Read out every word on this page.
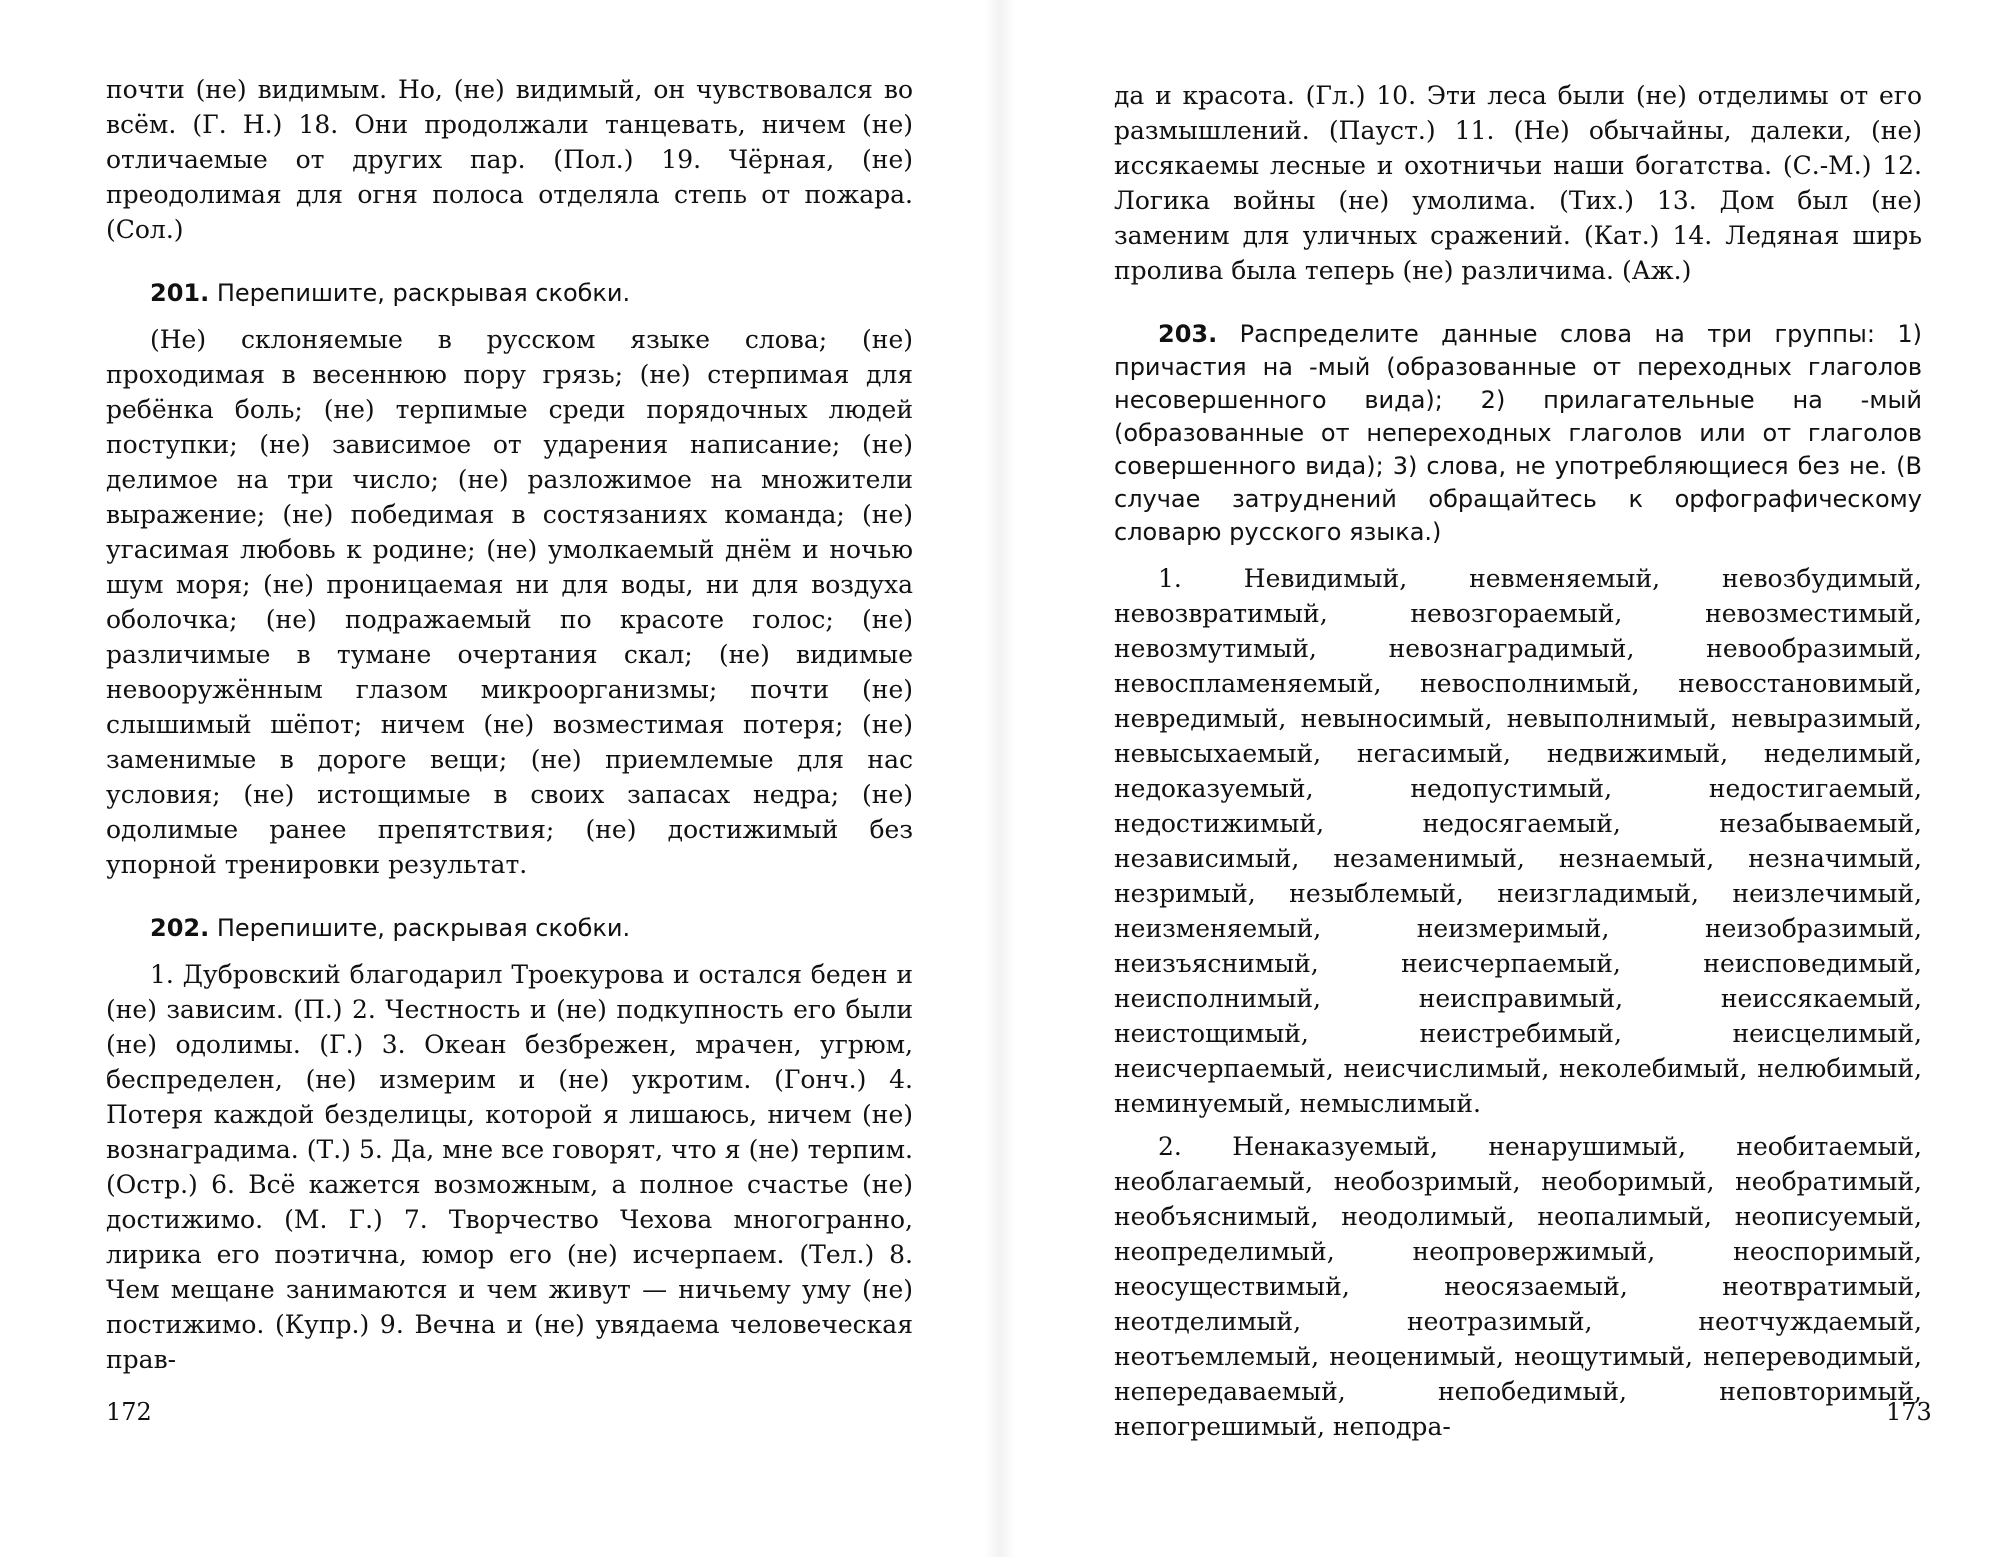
почти (не) видимым. Но, (не) видимый, он чувствовался во всём. (Г. Н.) 18. Они продолжали танцевать, ничем (не) отличаемые от других пар. (Пол.) 19. Чёрная, (не) преодолимая для огня полоса отделяла степь от пожара. (Сол.)

201. Перепишите, раскрывая скобки.

(Не) склоняемые в русском языке слова; (не) проходимая в весеннюю пору грязь; (не) стерпимая для ребёнка боль; (не) терпимые среди порядочных людей поступки; (не) зависимое от ударения написание; (не) делимое на три число; (не) разложимое на множители выражение; (не) победимая в состязаниях команда; (не) угасимая любовь к родине; (не) умолкаемый днём и ночью шум моря; (не) проницаемая ни для воды, ни для воздуха оболочка; (не) подражаемый по красоте голос; (не) различимые в тумане очертания скал; (не) видимые невооружённым глазом микроорганизмы; почти (не) слышимый шёпот; ничем (не) возместимая потеря; (не) заменимые в дороге вещи; (не) приемлемые для нас условия; (не) истощимые в своих запасах недра; (не) одолимые ранее препятствия; (не) достижимый без упорной тренировки результат.

202. Перепишите, раскрывая скобки.

1. Дубровский благодарил Троекурова и остался беден и (не) зависим. (П.) 2. Честность и (не) подкупность его были (не) одолимы. (Г.) 3. Океан безбрежен, мрачен, угрюм, беспределен, (не) измерим и (не) укротим. (Гонч.) 4. Потеря каждой безделицы, которой я лишаюсь, ничем (не) вознаградима. (Т.) 5. Да, мне все говорят, что я (не) терпим. (Остр.) 6. Всё кажется возможным, а полное счастье (не) достижимо. (М. Г.) 7. Творчество Чехова многогранно, лирика его поэтична, юмор его (не) исчерпаем. (Тел.) 8. Чем мещане занимаются и чем живут — ничьему уму (не) постижимо. (Купр.) 9. Вечна и (не) увядаема человеческая прав-

172

да и красота. (Гл.) 10. Эти леса были (не) отделимы от его размышлений. (Пауст.) 11. (Не) обычайны, далеки, (не) иссякаемы лесные и охотничьи наши богатства. (С.-М.) 12. Логика войны (не) умолима. (Тих.) 13. Дом был (не) заменим для уличных сражений. (Кат.) 14. Ледяная ширь пролива была теперь (не) различима. (Аж.)

203. Распределите данные слова на три группы: 1) причастия на -мый (образованные от переходных глаголов несовершенного вида); 2) прилагательные на -мый (образованные от непереходных глаголов или от глаголов совершенного вида); 3) слова, не употребляющиеся без не. (В случае затруднений обращайтесь к орфографическому словарю русского языка.)

1. Невидимый, невменяемый, невозбудимый, невозвратимый, невозгораемый, невозместимый, невозмутимый, невознаградимый, невообразимый, невоспламеняемый, невосполнимый, невосстановимый, невредимый, невыносимый, невыполнимый, невыразимый, невысыхаемый, негасимый, недвижимый, неделимый, недоказуемый, недопустимый, недостигаемый, недостижимый, недосягаемый, незабываемый, независимый, незаменимый, незнаемый, незначимый, незримый, незыблемый, неизгладимый, неизлечимый, неизменяемый, неизмеримый, неизобразимый, неизъяснимый, неисчерпаемый, неисповедимый, неисполнимый, неисправимый, неиссякаемый, неистощимый, неистребимый, неисцелимый, неисчерпаемый, неисчислимый, неколебимый, нелюбимый, неминуемый, немыслимый.

2. Ненаказуемый, ненарушимый, необитаемый, необлагаемый, необозримый, необоримый, необратимый, необъяснимый, неодолимый, неопалимый, неописуемый, неопределимый, неопровержимый, неоспоримый, неосуществимый, неосязаемый, неотвратимый, неотделимый, неотразимый, неотчуждаемый, неотъемлемый, неоценимый, неощутимый, непереводимый, непередаваемый, непобедимый, неповторимый, непогрешимый, неподра-	173
